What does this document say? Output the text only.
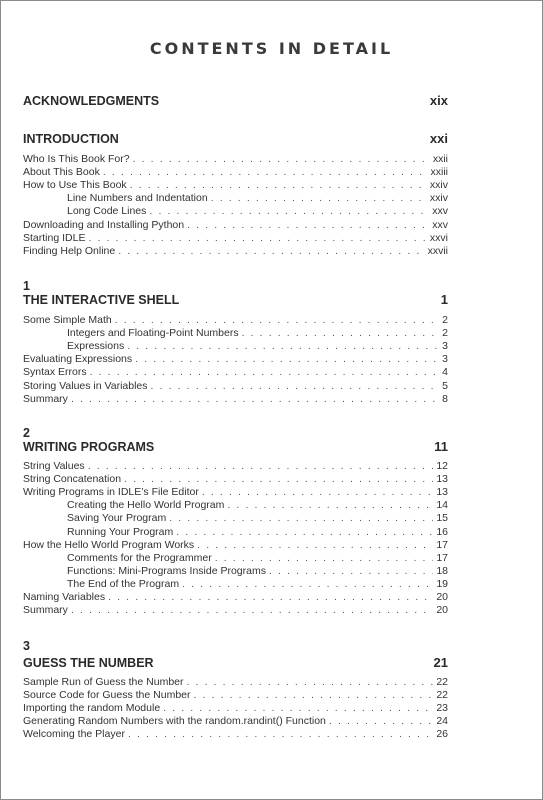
CONTENTS IN DETAIL
ACKNOWLEDGMENTS	xix
INTRODUCTION	xxi
Who Is This Book For? . . .	xxii
About This Book . . .	xxiii
How to Use This Book . . .	xxiv
Line Numbers and Indentation . . .	xxiv
Long Code Lines . . .	xxv
Downloading and Installing Python . . .	xxv
Starting IDLE . . .	xxvi
Finding Help Online . . .	xxvii
1
THE INTERACTIVE SHELL	1
Some Simple Math . . .	2
Integers and Floating-Point Numbers . . .	2
Expressions . . .	3
Evaluating Expressions . . .	3
Syntax Errors . . .	4
Storing Values in Variables . . .	5
Summary . . .	8
2
WRITING PROGRAMS	11
String Values . . .	12
String Concatenation . . .	13
Writing Programs in IDLE’s File Editor . . .	13
Creating the Hello World Program . . .	14
Saving Your Program . . .	15
Running Your Program . . .	16
How the Hello World Program Works . . .	17
Comments for the Programmer . . .	17
Functions: Mini-Programs Inside Programs . . .	18
The End of the Program . . .	19
Naming Variables . . .	20
Summary . . .	20
3
GUESS THE NUMBER	21
Sample Run of Guess the Number . . .	22
Source Code for Guess the Number . . .	22
Importing the random Module . . .	23
Generating Random Numbers with the random.randint() Function . . .	24
Welcoming the Player . . .	26
